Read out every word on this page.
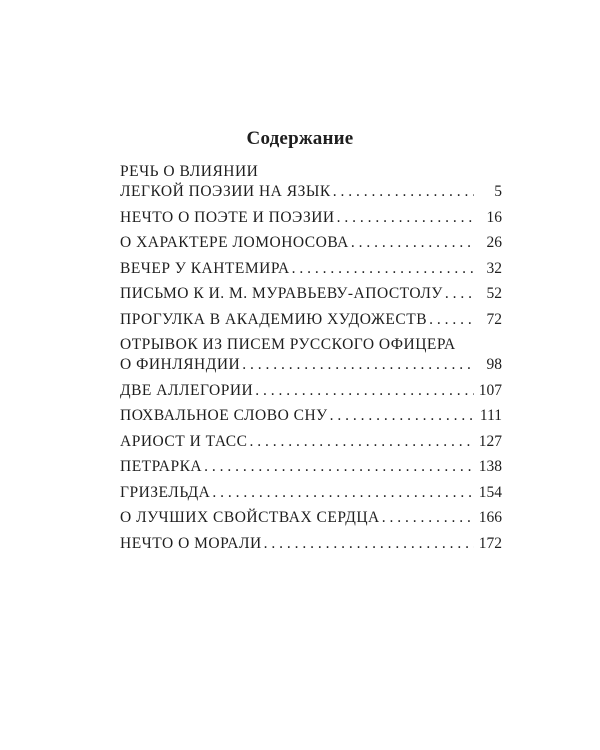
Содержание
РЕЧЬ О ВЛИЯНИИ
ЛЕГКОЙ ПОЭЗИИ НА ЯЗЫК . . .	5
НЕЧТО О ПОЭТЕ И ПОЭЗИИ . . .	16
О ХАРАКТЕРЕ ЛОМОНОСОВА . . .	26
ВЕЧЕР У КАНТЕМИРА . . .	32
ПИСЬМО К И. М. МУРАВЬЕВУ-АПОСТОЛУ . . .	52
ПРОГУЛКА В АКАДЕМИЮ ХУДОЖЕСТВ . . .	72
ОТРЫВОК ИЗ ПИСЕМ РУССКОГО ОФИЦЕРА
О ФИНЛЯНДИИ . . .	98
ДВЕ АЛЛЕГОРИИ . . .	107
ПОХВАЛЬНОЕ СЛОВО СНУ . . .	111
АРИОСТ И ТАСС . . .	127
ПЕТРАРКА . . .	138
ГРИЗЕЛЬДА . . .	154
О ЛУЧШИХ СВОЙСТВАХ СЕРДЦА . . .	166
НЕЧТО О МОРАЛИ . . .	172
